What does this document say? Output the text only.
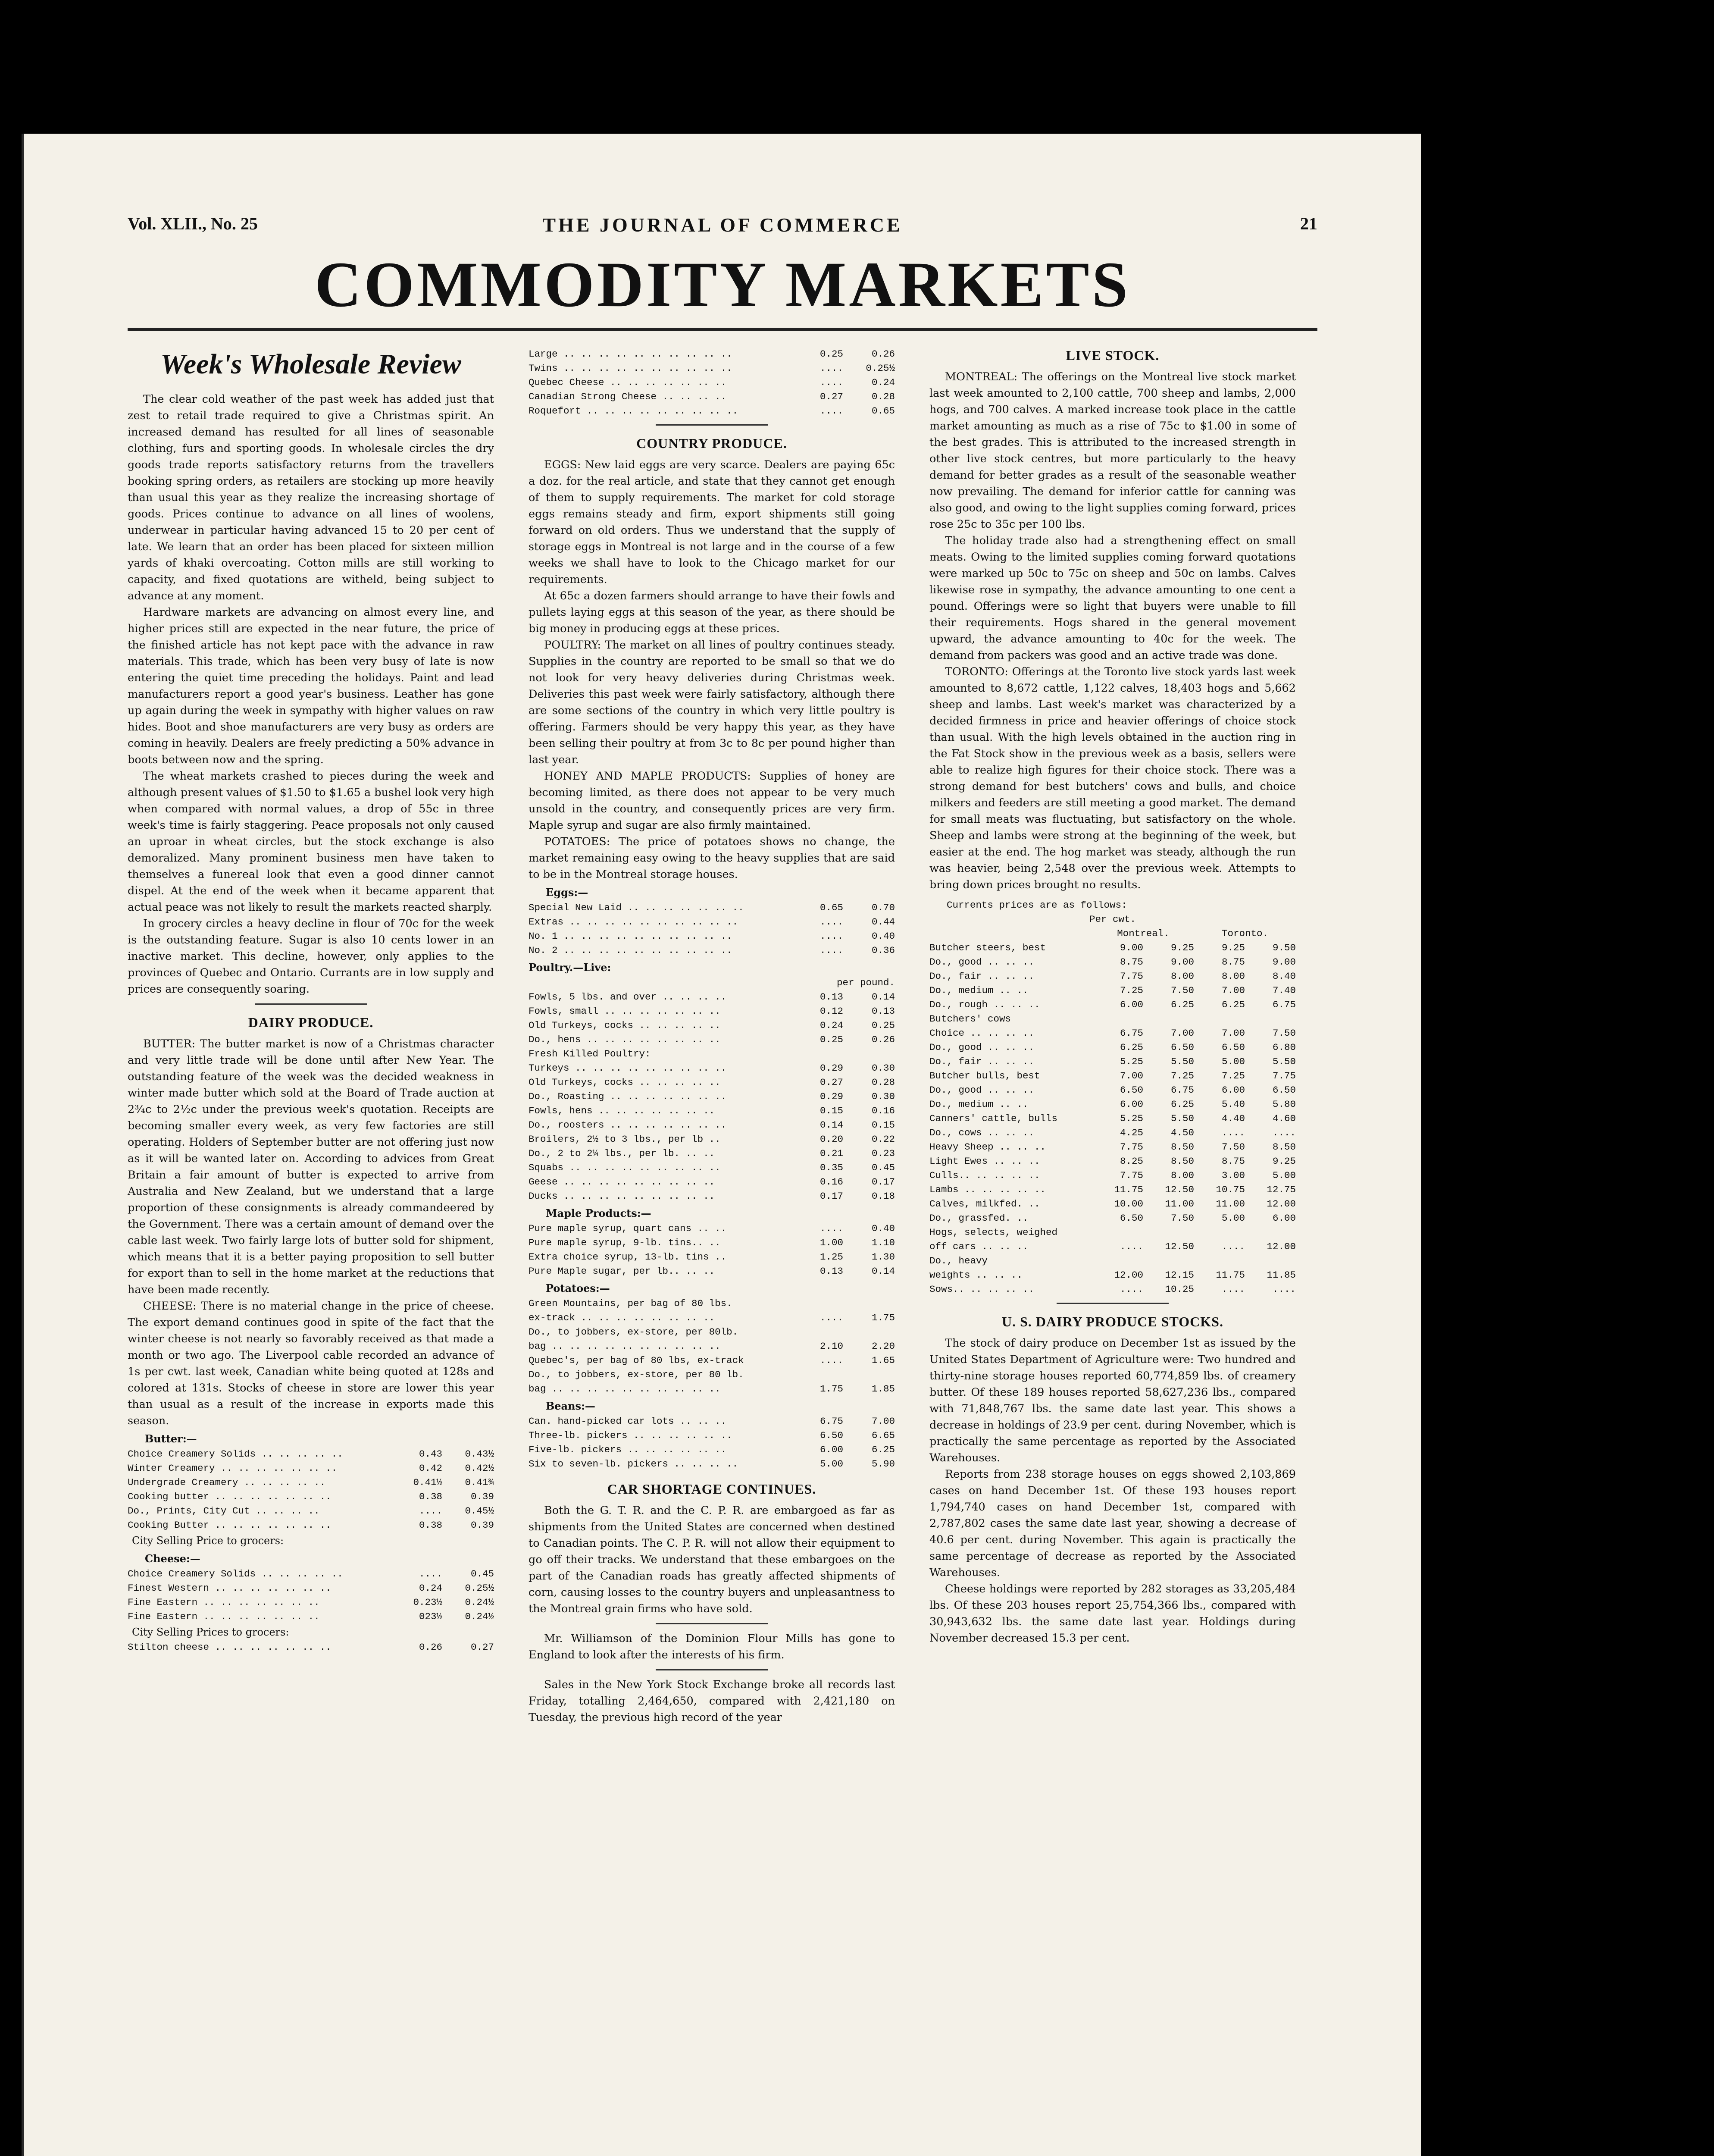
Vol. XLII., No. 25	THE JOURNAL OF COMMERCE	21
COMMODITY MARKETS
Week's Wholesale Review

The clear cold weather of the past week has added just that zest to retail trade required to give a Christmas spirit. An increased demand has resulted for all lines of seasonable clothing, furs and sporting goods. In wholesale circles the dry goods trade reports satisfactory returns from the travellers booking spring orders, as retailers are stocking up more heavily than usual this year as they realize the increasing shortage of goods. Prices continue to advance on all lines of woolens, underwear in particular having advanced 15 to 20 per cent of late. We learn that an order has been placed for sixteen million yards of khaki overcoating. Cotton mills are still working to capacity, and fixed quotations are witheld, being subject to advance at any moment.

Hardware markets are advancing on almost every line, and higher prices still are expected in the near future, the price of the finished article has not kept pace with the advance in raw materials. This trade, which has been very busy of late is now entering the quiet time preceding the holidays. Paint and lead manufacturers report a good year's business. Leather has gone up again during the week in sympathy with higher values on raw hides. Boot and shoe manufacturers are very busy as orders are coming in heavily. Dealers are freely predicting a 50% advance in boots between now and the spring.

The wheat markets crashed to pieces during the week and although present values of $1.50 to $1.65 a bushel look very high when compared with normal values, a drop of 55c in three week's time is fairly staggering. Peace proposals not only caused an uproar in wheat circles, but the stock exchange is also demoralized. Many prominent business men have taken to themselves a funereal look that even a good dinner cannot dispel. At the end of the week when it became apparent that actual peace was not likely to result the markets reacted sharply.

In grocery circles a heavy decline in flour of 70c for the week is the outstanding feature. Sugar is also 10 cents lower in an inactive market. This decline, however, only applies to the provinces of Quebec and Ontario. Currants are in low supply and prices are consequently soaring.

DAIRY PRODUCE.

BUTTER: The butter market is now of a Christmas character and very little trade will be done until after New Year. The outstanding feature of the week was the decided weakness in winter made butter which sold at the Board of Trade auction at 2¾c to 2½c under the previous week's quotation. Receipts are becoming smaller every week, as very few factories are still operating. Holders of September butter are not offering just now as it will be wanted later on. According to advices from Great Britain a fair amount of butter is expected to arrive from Australia and New Zealand, but we understand that a large proportion of these consignments is already commandeered by the Government. There was a certain amount of demand over the cable last week. Two fairly large lots of butter sold for shipment, which means that it is a better paying proposition to sell butter for export than to sell in the home market at the reductions that have been made recently.

CHEESE: There is no material change in the price of cheese. The export demand continues good in spite of the fact that the winter cheese is not nearly so favorably received as that made a month or two ago. The Liverpool cable recorded an advance of 1s per cwt. last week, Canadian white being quoted at 128s and colored at 131s. Stocks of cheese in store are lower this year than usual as a result of the increase in exports made this season.

Butter:—
Choice Creamery Solids .. .. .. .. ..	0.43	0.43½
Winter Creamery .. .. .. .. .. .. ..	0.42	0.42½
Undergrade Creamery .. .. .. .. ..	0.41½	0.41¾
Cooking butter .. .. .. .. .. .. ..	0.38	0.39
Do., Prints, City Cut .. .. .. ..	....	0.45½
Cooking Butter .. .. .. .. .. .. ..	0.38	0.39
City Selling Price to grocers:
Cheese:—
Choice Creamery Solids .. .. .. .. ..	....	0.45
Finest Western .. .. .. .. .. .. ..	0.24	0.25½
Fine Eastern .. .. .. .. .. .. ..	0.23½	0.24½
Fine Eastern .. .. .. .. .. .. ..	023½	0.24½
City Selling Prices to grocers:
Stilton cheese .. .. .. .. .. .. ..	0.26	0.27
Large .. .. .. .. .. .. .. .. .. ..	0.25	0.26
Twins .. .. .. .. .. .. .. .. .. ..	....	0.25½
Quebec Cheese .. .. .. .. .. .. ..	....	0.24
Canadian Strong Cheese .. .. .. ..	0.27	0.28
Roquefort .. .. .. .. .. .. .. .. ..	....	0.65
COUNTRY PRODUCE.

EGGS: New laid eggs are very scarce. Dealers are paying 65c a doz. for the real article, and state that they cannot get enough of them to supply requirements. The market for cold storage eggs remains steady and firm, export shipments still going forward on old orders. Thus we understand that the supply of storage eggs in Montreal is not large and in the course of a few weeks we shall have to look to the Chicago market for our requirements.

At 65c a dozen farmers should arrange to have their fowls and pullets laying eggs at this season of the year, as there should be big money in producing eggs at these prices.

POULTRY: The market on all lines of poultry continues steady. Supplies in the country are reported to be small so that we do not look for very heavy deliveries during Christmas week. Deliveries this past week were fairly satisfactory, although there are some sections of the country in which very little poultry is offering. Farmers should be very happy this year, as they have been selling their poultry at from 3c to 8c per pound higher than last year.

HONEY AND MAPLE PRODUCTS: Supplies of honey are becoming limited, as there does not appear to be very much unsold in the country, and consequently prices are very firm. Maple syrup and sugar are also firmly maintained.

POTATOES: The price of potatoes shows no change, the market remaining easy owing to the heavy supplies that are said to be in the Montreal storage houses.

Eggs:—
Special New Laid .. .. .. .. .. .. ..	0.65	0.70
Extras .. .. .. .. .. .. .. .. .. ..	....	0.44
No. 1 .. .. .. .. .. .. .. .. .. ..	....	0.40
No. 2 .. .. .. .. .. .. .. .. .. ..	....	0.36
Poultry.—Live:
per pound.
Fowls, 5 lbs. and over .. .. .. ..	0.13	0.14
Fowls, small .. .. .. .. .. .. ..	0.12	0.13
Old Turkeys, cocks .. .. .. .. ..	0.24	0.25
Do., hens .. .. .. .. .. .. .. ..	0.25	0.26
Fresh Killed Poultry:
Turkeys .. .. .. .. .. .. .. .. ..	0.29	0.30
Old Turkeys, cocks .. .. .. .. ..	0.27	0.28
Do., Roasting .. .. .. .. .. .. ..	0.29	0.30
Fowls, hens .. .. .. .. .. .. ..	0.15	0.16
Do., roosters .. .. .. .. .. .. ..	0.14	0.15
Broilers, 2½ to 3 lbs., per lb ..	0.20	0.22
Do., 2 to 2¼ lbs., per lb. .. ..	0.21	0.23
Squabs .. .. .. .. .. .. .. .. ..	0.35	0.45
Geese .. .. .. .. .. .. .. .. ..	0.16	0.17
Ducks .. .. .. .. .. .. .. .. ..	0.17	0.18
Maple Products:—
Pure maple syrup, quart cans .. ..	....	0.40
Pure maple syrup, 9-lb. tins.. ..	1.00	1.10
Extra choice syrup, 13-lb. tins ..	1.25	1.30
Pure Maple sugar, per lb.. .. ..	0.13	0.14
Potatoes:—
Green Mountains, per bag of 80 lbs.
ex-track .. .. .. .. .. .. .. ..	....	1.75
Do., to jobbers, ex-store, per 80lb.
bag .. .. .. .. .. .. .. .. .. ..	2.10	2.20
Quebec's, per bag of 80 lbs, ex-track	....	1.65
Do., to jobbers, ex-store, per 80 lb.
bag .. .. .. .. .. .. .. .. .. ..	1.75	1.85
Beans:—
Can. hand-picked car lots .. .. ..	6.75	7.00
Three-lb. pickers .. .. .. .. .. ..	6.50	6.65
Five-lb. pickers .. .. .. .. .. ..	6.00	6.25
Six to seven-lb. pickers .. .. .. ..	5.00	5.90
CAR SHORTAGE CONTINUES.

Both the G. T. R. and the C. P. R. are embargoed as far as shipments from the United States are concerned when destined to Canadian points. The C. P. R. will not allow their equipment to go off their tracks. We understand that these embargoes on the part of the Canadian roads has greatly affected shipments of corn, causing losses to the country buyers and unpleasantness to the Montreal grain firms who have sold.

Mr. Williamson of the Dominion Flour Mills has gone to England to look after the interests of his firm.

Sales in the New York Stock Exchange broke all records last Friday, totalling 2,464,650, compared with 2,421,180 on Tuesday, the previous high record of the year

LIVE STOCK.

MONTREAL: The offerings on the Montreal live stock market last week amounted to 2,100 cattle, 700 sheep and lambs, 2,000 hogs, and 700 calves. A marked increase took place in the cattle market amounting as much as a rise of 75c to $1.00 in some of the best grades. This is attributed to the increased strength in other live stock centres, but more particularly to the heavy demand for better grades as a result of the seasonable weather now prevailing. The demand for inferior cattle for canning was also good, and owing to the light supplies coming forward, prices rose 25c to 35c per 100 lbs.

The holiday trade also had a strengthening effect on small meats. Owing to the limited supplies coming forward quotations were marked up 50c to 75c on sheep and 50c on lambs. Calves likewise rose in sympathy, the advance amounting to one cent a pound. Offerings were so light that buyers were unable to fill their requirements. Hogs shared in the general movement upward, the advance amounting to 40c for the week. The demand from packers was good and an active trade was done.

TORONTO: Offerings at the Toronto live stock yards last week amounted to 8,672 cattle, 1,122 calves, 18,403 hogs and 5,662 sheep and lambs. Last week's market was characterized by a decided firmness in price and heavier offerings of choice stock than usual. With the high levels obtained in the auction ring in the Fat Stock show in the previous week as a basis, sellers were able to realize high figures for their choice stock. There was a strong demand for best butchers' cows and bulls, and choice milkers and feeders are still meeting a good market. The demand for small meats was fluctuating, but satisfactory on the whole. Sheep and lambs were strong at the beginning of the week, but easier at the end. The hog market was steady, although the run was heavier, being 2,548 over the previous week. Attempts to bring down prices brought no results.

Currents prices are as follows:
Per cwt.
Montreal.	Toronto.
Butcher steers, best	9.00	9.25	9.25	9.50
Do., good .. .. ..	8.75	9.00	8.75	9.00
Do., fair .. .. ..	7.75	8.00	8.00	8.40
Do., medium .. ..	7.25	7.50	7.00	7.40
Do., rough .. .. ..	6.00	6.25	6.25	6.75
Butchers' cows
Choice .. .. .. ..	6.75	7.00	7.00	7.50
Do., good .. .. ..	6.25	6.50	6.50	6.80
Do., fair .. .. ..	5.25	5.50	5.00	5.50
Butcher bulls, best	7.00	7.25	7.25	7.75
Do., good .. .. ..	6.50	6.75	6.00	6.50
Do., medium .. ..	6.00	6.25	5.40	5.80
Canners' cattle, bulls	5.25	5.50	4.40	4.60
Do., cows .. .. ..	4.25	4.50	....	....
Heavy Sheep .. .. ..	7.75	8.50	7.50	8.50
Light Ewes .. .. ..	8.25	8.50	8.75	9.25
Culls.. .. .. .. ..	7.75	8.00	3.00	5.00
Lambs .. .. .. .. ..	11.75	12.50	10.75	12.75
Calves, milkfed. ..	10.00	11.00	11.00	12.00
Do., grassfed. ..	6.50	7.50	5.00	6.00
Hogs, selects, weighed
off cars .. .. ..	....	12.50	....	12.00
Do., heavy
weights .. .. ..	12.00	12.15	11.75	11.85
Sows.. .. .. .. ..	....	10.25	....	....
U. S. DAIRY PRODUCE STOCKS.

The stock of dairy produce on December 1st as issued by the United States Department of Agriculture were: Two hundred and thirty-nine storage houses reported 60,774,859 lbs. of creamery butter. Of these 189 houses reported 58,627,236 lbs., compared with 71,848,767 lbs. the same date last year. This shows a decrease in holdings of 23.9 per cent. during November, which is practically the same percentage as reported by the Associated Warehouses.

Reports from 238 storage houses on eggs showed 2,103,869 cases on hand December 1st. Of these 193 houses report 1,794,740 cases on hand December 1st, compared with 2,787,802 cases the same date last year, showing a decrease of 40.6 per cent. during November. This again is practically the same percentage of decrease as reported by the Associated Warehouses.

Cheese holdings were reported by 282 storages as 33,205,484 lbs. Of these 203 houses report 25,754,366 lbs., compared with 30,943,632 lbs. the same date last year. Holdings during November decreased 15.3 per cent.
